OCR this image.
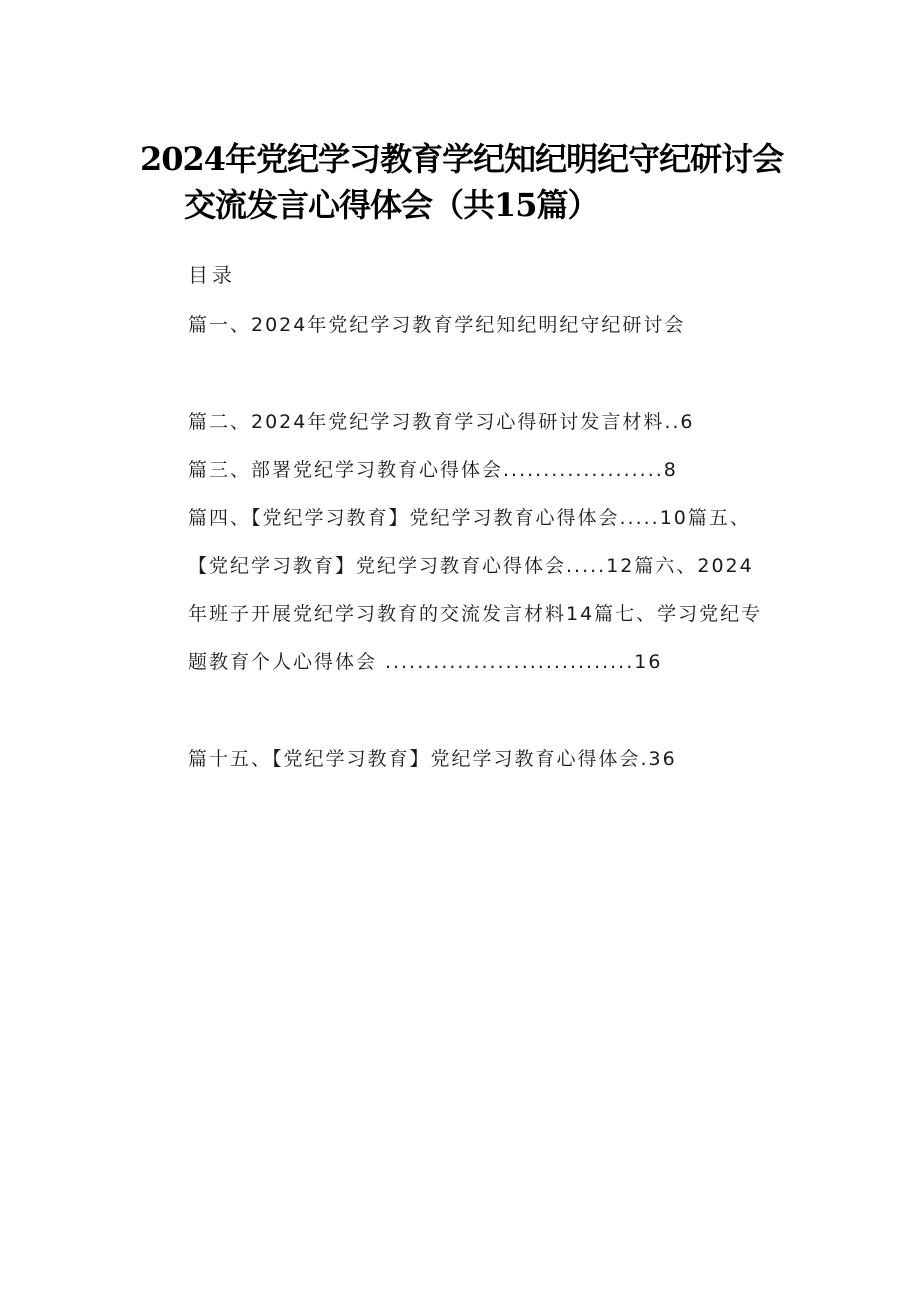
2024年党纪学习教育学纪知纪明纪守纪研讨会
交流发言心得体会（共15篇）
目录
篇一、2024年党纪学习教育学纪知纪明纪守纪研讨会
篇二、2024年党纪学习教育学习心得研讨发言材料..6
篇三、部署党纪学习教育心得体会....................8
篇四、【党纪学习教育】党纪学习教育心得体会.....10篇五、
【党纪学习教育】党纪学习教育心得体会.....12篇六、2024
年班子开展党纪学习教育的交流发言材料14篇七、学习党纪专
题教育个人心得体会 ...............................16
篇十五、【党纪学习教育】党纪学习教育心得体会.36
